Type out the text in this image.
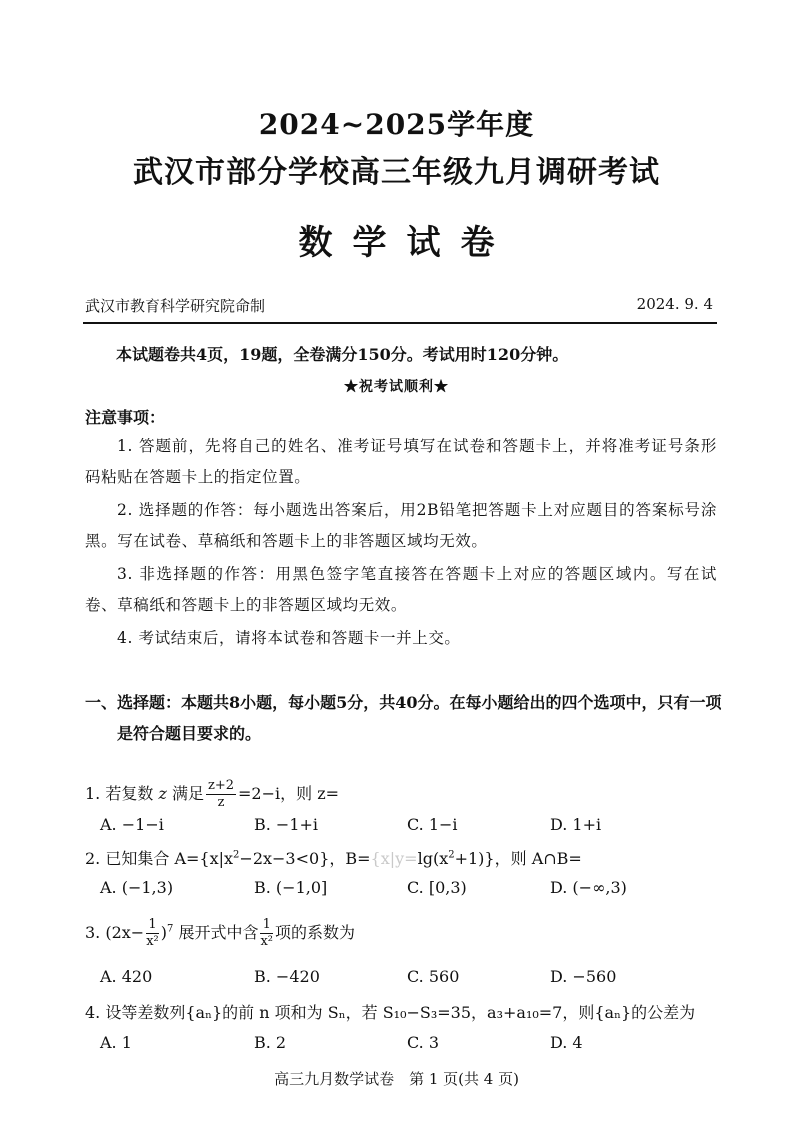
2024~2025学年度
武汉市部分学校高三年级九月调研考试
数学试卷
武汉市教育科学研究院命制	2024. 9. 4
本试题卷共4页，19题，全卷满分150分。考试用时120分钟。
★祝考试顺利★
注意事项：
1. 答题前，先将自己的姓名、准考证号填写在试卷和答题卡上，并将准考证号条形码粘贴在答题卡上的指定位置。
2. 选择题的作答：每小题选出答案后，用2B铅笔把答题卡上对应题目的答案标号涂黑。写在试卷、草稿纸和答题卡上的非答题区域均无效。
3. 非选择题的作答：用黑色签字笔直接答在答题卡上对应的答题区域内。写在试卷、草稿纸和答题卡上的非答题区域均无效。
4. 考试结束后，请将本试卷和答题卡一并上交。
一、选择题：本题共8小题，每小题5分，共40分。在每小题给出的四个选项中，只有一项
是符合题目要求的。
1. 若复数 z 满足 $\frac{z+2}{z} =2-i$，则 z=
A. −1−i	B. −1+i	C. 1−i	D. 1+i
2. 已知集合 $A=\{x|x^2-2x-3<0\}$，$B=\{x|y=\lg(x^2+1)\}$，则 A∩B=
A. (−1,3)	B. (−1,0]	C. [0,3)	D. (−∞,3)
3. $(2x- \frac{1}{\text{x²}} )^7$ 展开式中含 $\frac{1}{\text{x²}}$ 项的系数为
A. 420	B. −420	C. 560	D. −560
4. 设等差数列{aₙ}的前 n 项和为 Sₙ，若 S₁₀−S₃=35，a₃+a₁₀=7，则{aₙ}的公差为
A. 1	B. 2	C. 3	D. 4
高三九月数学试卷　第 1 页(共 4 页)
